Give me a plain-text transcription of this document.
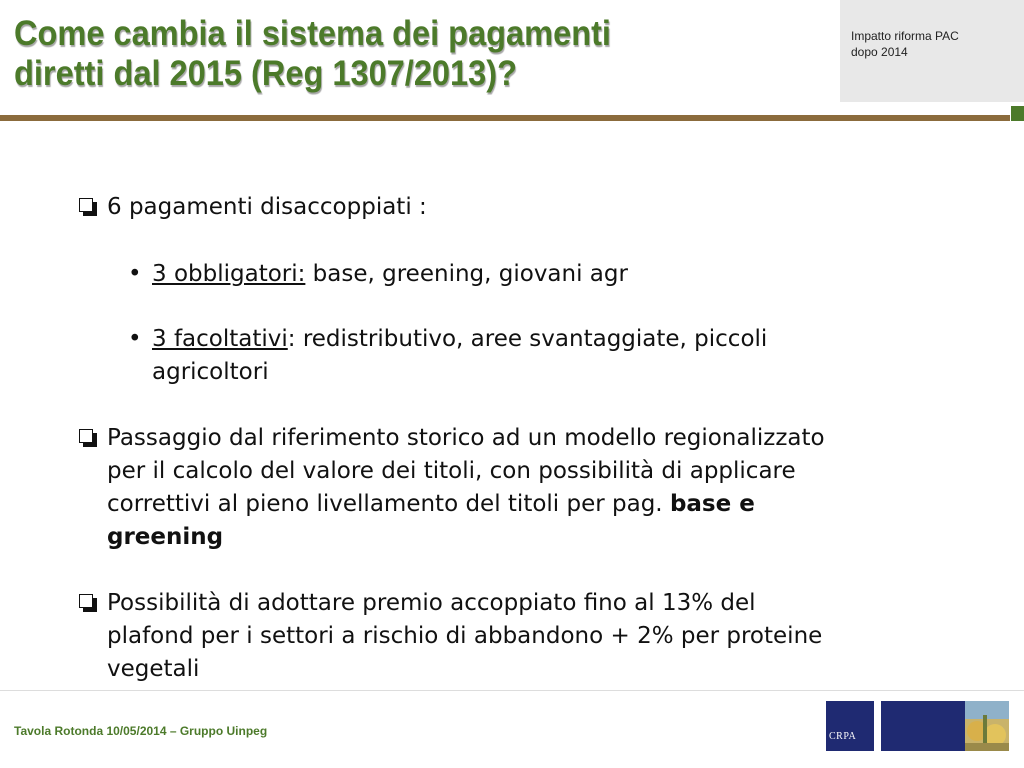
Come cambia il sistema dei pagamenti
diretti dal 2015 (Reg 1307/2013)?
Impatto riforma PAC
dopo 2014
6 pagamenti disaccoppiati :
• 3 obbligatori: base, greening, giovani agr
• 3 facoltativi: redistributivo, aree svantaggiate, piccoli
agricoltori
Passaggio dal riferimento storico ad un modello regionalizzato
per il calcolo del valore dei titoli, con possibilità di applicare
correttivi al pieno livellamento del titoli per pag. base e
greening
Possibilità di adottare premio accoppiato fino al 13% del
plafond per i settori a rischio di abbandono + 2% per proteine
vegetali
Tavola Rotonda 10/05/2014 – Gruppo Uinpeg	CRPA
